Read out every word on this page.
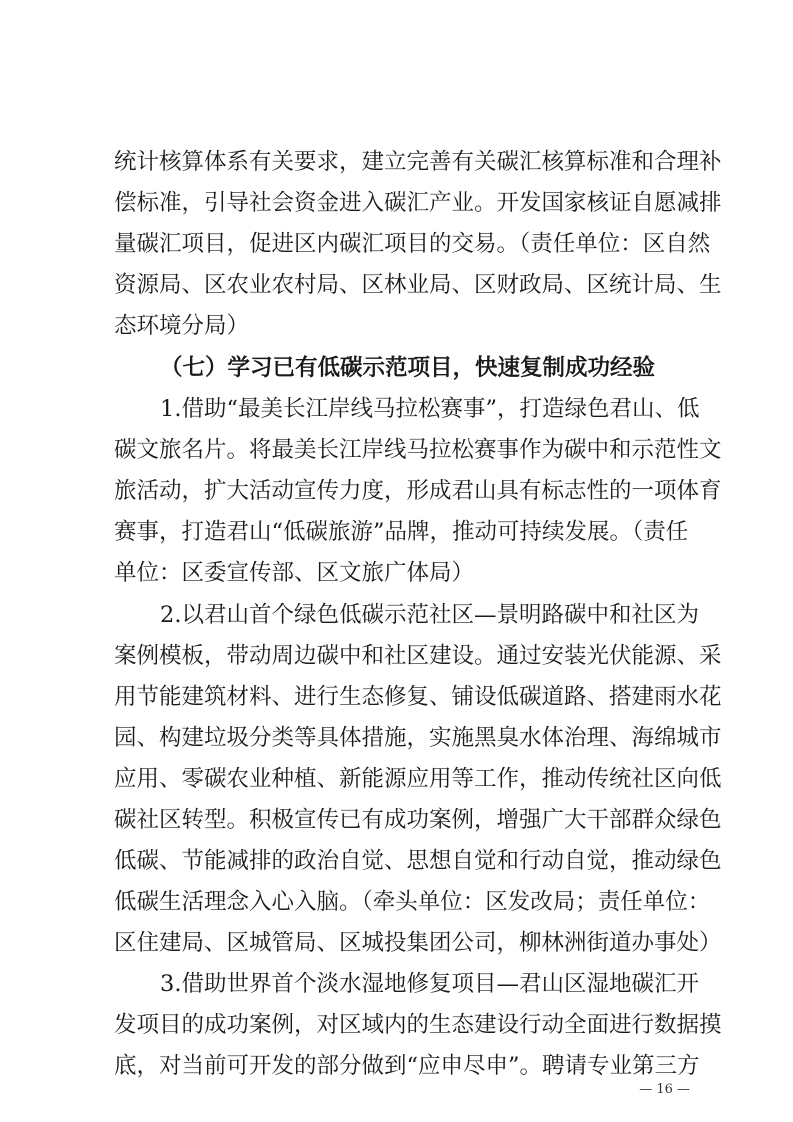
统计核算体系有关要求，建立完善有关碳汇核算标准和合理补
偿标准，引导社会资金进入碳汇产业。开发国家核证自愿减排
量碳汇项目，促进区内碳汇项目的交易。（责任单位：区自然
资源局、区农业农村局、区林业局、区财政局、区统计局、生
态环境分局）
（七）学习已有低碳示范项目，快速复制成功经验
1.借助“最美长江岸线马拉松赛事”，打造绿色君山、低
碳文旅名片。将最美长江岸线马拉松赛事作为碳中和示范性文
旅活动，扩大活动宣传力度，形成君山具有标志性的一项体育
赛事，打造君山“低碳旅游”品牌，推动可持续发展。（责任
单位：区委宣传部、区文旅广体局）
2.以君山首个绿色低碳示范社区—景明路碳中和社区为
案例模板，带动周边碳中和社区建设。通过安装光伏能源、采
用节能建筑材料、进行生态修复、铺设低碳道路、搭建雨水花
园、构建垃圾分类等具体措施，实施黑臭水体治理、海绵城市
应用、零碳农业种植、新能源应用等工作，推动传统社区向低
碳社区转型。积极宣传已有成功案例，增强广大干部群众绿色
低碳、节能减排的政治自觉、思想自觉和行动自觉，推动绿色
低碳生活理念入心入脑。（牵头单位：区发改局；责任单位：
区住建局、区城管局、区城投集团公司，柳林洲街道办事处）
3.借助世界首个淡水湿地修复项目—君山区湿地碳汇开
发项目的成功案例，对区域内的生态建设行动全面进行数据摸
底，对当前可开发的部分做到“应申尽申”。聘请专业第三方
— 16 —
